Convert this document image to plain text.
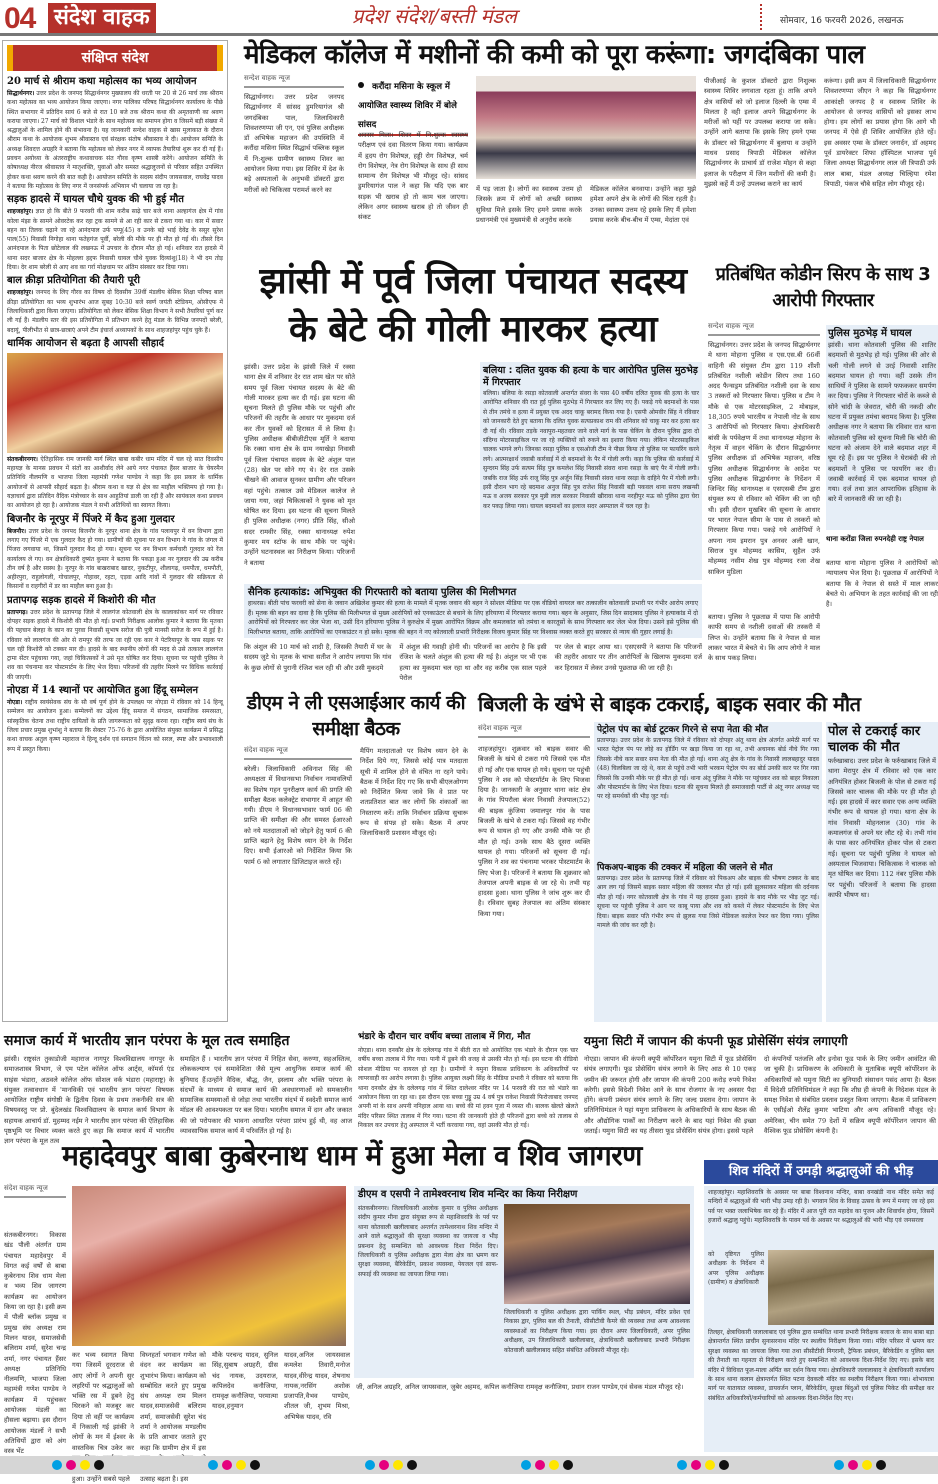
04 संदेश वाहक	प्रदेश संदेश/बस्ती मंडल	सोमवार, 16 फरवरी 2026, लखनऊ
संक्षिप्त संदेश
20 मार्च से श्रीराम कथा महोत्सव का भव्य आयोजन
सिद्धार्थनगर। उत्तर प्रदेश के जनपद सिद्धार्थनगर मुख्यालय की धरती पर 20 से 26 मार्च तक श्रीराम कथा महोत्सव का भव्य आयोजन किया जाएगा। नगर पालिका परिषद सिद्धार्थनगर कार्यालय के पीछे स्थित सभागार में प्रतिदिन सायं 6 बजे से रात 10 बजे तक श्रीराम कथा की अमृतवाणी का श्रवण कराया जाएगा। 27 मार्च को विशाल भंडारे के साथ महोत्सव का समापन होगा व जिसमें बड़ी संख्या में श्रद्धालुओं के शामिल होने की संभावना है। यह जानकारी सन्देश वाहक से खास मुलाकात के दौरान श्रीराम कथा के आयोजक शुभम श्रीवास्तव एवं संरक्षक संतोष श्रीवास्तव ने दी। आयोजन समिति के अध्यक्ष शिवदत्त अग्रहरि ने बताया कि महोत्सव को लेकर नगर में व्यापक तैयारियां शुरू कर दी गई हैं। प्रवचन अयोध्या के अंतरराष्ट्रीय कथावाचक संत गौरव कृष्ण शास्त्री करेंगे। आयोजन समिति के कोषाध्यक्ष नीरज श्रीवास्तव ने मातृशक्ति, युवाओं और समस्त श्रद्धालुजनों से परिवार सहित उपस्थित होकर कथा श्रवण करने की बात कही है। आयोजन समिति के सदस्य संदीप जायसवाल, राघवेंद्र यादव ने बताया कि महोत्सव के लिए नगर में जनसंपर्क अभियान भी चलाया जा रहा है।
सड़क हादसे में घायल चौथे युवक की भी हुई मौत
शाहजहांपुर। ज्ञात हो कि बीते 9 फरवरी की शाम करीब साढ़े चार बजे थाना अल्हागंज क्षेत्र में गांव कोला मंझा के सामने ओवरटेक कर रहा ट्रक सामने से आ रही कार से टकरा गया था। कार में सवार बहन का तिलक चढ़ाने जा रहे आनंदपाल उर्फ पप्पू(45) व उनके बड़े भाई देवेंद्र के ससुर सुरेश पाल(55) निवासी निगोहा थाना फतेहगंज पूर्वी, बरेली की मौके पर ही मौत हो गई थी। तीसरे दिन आनंदपाल के पिता छोटेलाल की लखनऊ में उपचार के दौरान मौत हो गई। शनिवार रात हादसे में थाना सदर बाजार क्षेत्र के मोहल्ला हद्दफ निवासी घायल चौथे युवक दिव्यांशु(18) ने भी दम तोड़ दिया। देर शाम बरेली से आए शव का गर्रा मोक्षधाम पर अंतिम संस्कार कर दिया गया।
बाल क्रीड़ा प्रतियोगिता की तैयारी पूरी
शाहजहांपुर। जनपद के लिए गौरव का विषय दो दिवसीय 39वीं मंडलीय बेसिक शिक्षा परिषद बाल क्रीड़ा प्रतियोगिता का भव्य शुभारंभ आज सुबह 10:30 बजे स्वर्ण जयंती स्टेडियम, ओसीएफ में जिलाधिकारी द्वारा किया जाएगा। प्रतियोगिता को लेकर बेसिक शिक्षा विभाग ने सभी तैयारियां पूर्ण कर ली गई हैं। मंडलीय स्तर की इस प्रतियोगिता में प्रतिभाग करने हेतु मंडल के विभिन्न जनपदों बरेली, बदायूं, पीलीभीत से छात्र-छात्राएं अपने टीम इंचार्ज अध्यापकों के साथ शाहजहांपुर पहुंच चुके हैं।
धार्मिक आयोजन से बढ़ता है आपसी सौहार्द
संतकबीरनगर। ऐतिहासिक राम जानकी मार्ग स्थित बाबा कबीर धाम मंदिर में चल रहे सात दिवसीय महायज्ञ के मानस प्रवचन में संतों का आशीर्वाद लेने आये नगर पंचायत हैंसर बाजार के चेयरमैन प्रतिनिधि नीलमणि व भाजपा जिला महामंत्री गणेश पाण्डेय ने कहा कि इस प्रकार के धार्मिक आयोजनों से आपसी सौहार्द बढ़ता है। श्रीराम कथा व यज्ञ से क्षेत्र का माहौल भक्तिमय हो गया है। यज्ञाचार्य द्वारा प्रतिदिन वैदिक मंत्रोच्चार के साथ आहुतियां डाली जा रही हैं और सायंकाल कथा प्रवचन का आयोजन हो रहा है। आयोजक मंडल ने सभी अतिथियों का स्वागत किया।
बिजनौर के नूरपुर में पिंजरे में कैद हुआ गुलदार
बिजनौर। उत्तर प्रदेश के जनपद बिजनौर के नूरपुर थाना क्षेत्र के गांव पलायपुर में वन विभाग द्वारा लगाए गए पिंजरे में एक गुलदार कैद हो गया। ग्रामीणों की सूचना पर वन विभाग ने गांव के जंगल में पिंजरा लगवाया था, जिसमें गुलदार कैद हो गया। सूचना पर वन विभाग कर्मचारी गुलदार को रेंज कार्यालय ले गए। वन क्षेत्राधिकारी दुष्यंत कुमार ने बताया कि पकड़ा हुआ नर गुलदार की उम्र करीब तीन वर्ष है और स्वस्थ है। नूरपुर के गांव बाखराबाद खादर, नुकटीपुर, शीलागढ़, धमपौता, धमपौती, अहीरपुरा, राहुलोगली, गोचालपुर, गोहावर, रहटा, एड़वा आदि गांवों में गुलदार की सक्रियता से किसानों व राहगीरों में डर का माहौल बना हुआ है।
प्रतापगढ़ सड़क हादसे में किशोरी की मौत
प्रतापगढ़। उत्तर प्रदेश के प्रतापगढ़ जिले में लालगंज कोतवाली क्षेत्र के कालाकांकर मार्ग पर रविवार दोपहर सड़क हादसे में किशोरी की मौत हो गई। प्रभारी निरीक्षक आलोक कुमार ने बताया कि मृतका की पहचान बेलहा के कान का पुरवा निवासी सुभाष सरोज की पुत्री मानसी सरोज के रूप में हुई है। रविवार को लालगंज की ओर से रामपुर की तरफ जा रही एक कार ने पेटरियापुर के पास सड़क पर चल रही किशोरी को टक्कर मार दी। हादसे के बाद स्थानीय लोगों की मदद से उसे तत्काल लालगंज ट्रामा सेंटर पहुंचाया गया, जहां चिकित्सकों ने उसे मृत घोषित कर दिया। सूचना पर पहुंची पुलिस ने शव का पंचनामा कर पोस्टमार्टम के लिए भेज दिया। परिजनों की तहरीर मिलने पर विधिक कार्रवाई की जाएगी।
नोएडा में 14 स्थानों पर आयोजित हुआ हिंदू सम्मेलन
नोएडा। राष्ट्रीय स्वयंसेवक संघ के सौ वर्ष पूर्ण होने के उपलक्ष्य पर नोएडा में रविवार को 14 हिन्दू सम्मेलन का आयोजन हुआ। सम्मेलनों का उद्देश्य हिंदू समाज में संगठन, सामाजिक समरसता, सांस्कृतिक चेतना तथा राष्ट्रीय दायित्वों के प्रति जागरूकता को सुदृढ़ करना रहा। राष्ट्रीय स्वयं संघ के जिला प्रचार प्रमुख शुभांशु ने बताया कि सेक्टर 75-76 के द्वारा आयोजित संयुक्त कार्यक्रम में प्रसिद्ध कथा वाचक अतुल कृष्ण महाराज ने हिन्दू दर्शन एवं सनातन चिंतन को सरल, स्पष्ट और प्रभावशाली रूप में प्रस्तुत किया।
मेडिकल कॉलेज में मशीनों की कमी को पूरा करूंगा: जगदंबिका पाल
सन्देश वाहक न्यूज
सिद्धार्थनगर। उत्तर प्रदेश जनपद सिद्धार्थनगर में सांसद डुमरियागंज श्री जगदंबिका पाल, जिलाधिकारी शिवशरणप्पा जी एन, एवं पुलिस अधीक्षक डॉ अभिषेक महाजन की उपस्थिति में करौंदा मसिना स्थित सिद्धार्थ पब्लिक स्कूल में नि:शुल्क ग्रामीण स्वास्थ्य शिवर का आयोजन किया गया। इस शिविर में देश के बड़े अस्पतालों के अनुभवी डॉक्टरों द्वारा मरीजों को चिकित्सा परामर्श करने का
करौंदा मसिना के स्कूल में आयोजित स्वास्थ्य शिविर में बोले सांसद
अवसर मिला। शिवर में नि:शुल्क स्वास्थ्य परीक्षण एवं दवा वितरण किया गया। कार्यक्रम में हृदय रोग विशेषज्ञ, हड्डी रोग विशेषज्ञ, चर्म रोग विशेषज्ञ, नेत्र रोग विशेषज्ञ के साथ ही साथ सामान्य रोग विशेषज्ञ भी मौजूद रहे। सांसद डुमरियागंज पाल ने कहा कि यदि एक बार सड़क भी खराब हो तो काम चल जाएगा। लेकिन अगर स्वास्थ्य खराब हो तो जीवन ही संकट
में पड़ जाता है। लोगों का स्वास्थ्य उत्तम हो जिसके क्रम में लोगों को अच्छी स्वास्थ्य सुविधा मिले इसके लिए हमने प्रयास करके प्रधानमंत्री एवं मुख्यमंत्री से अनुरोध करके
मेडिकल कॉलेज बनवाया। उन्होंने कहा मुझे हमेशा अपने क्षेत्र के लोगों की चिंता रहती है। उनका स्वास्थ्य उत्तम रहे इसके लिए मैं हमेशा प्रयास करके बीच-बीच में एम्स, मेदांता एवं
पीजीआई के कुशल डॉक्टरो द्वारा निशुल्क स्वास्थ्य शिविर लगवाता रहता हूं। ताकि अपने क्षेत्र वासियों को जो इलाज दिल्ली के एम्स में मिलता है वही इलाज अपने सिद्धार्थनगर के मरीजों को यहीं पर उपलब्ध कराया जा सके। उन्होंने आगे बताया कि इसके लिए हमने एम्स के डॉक्टर को सिद्धार्थनगर में बुलाया व उन्होंने माधव प्रसाद त्रिपाठी मेडिकल कॉलेज सिद्धार्थनगर के प्राचार्य डॉ राजेश मोहन से कहा इलाज के परीक्षण में जिन मशीनों की कमी है। मुझसे कहें मैं उन्हें उपलब्ध कराने का कार्य
करूंगा। इसी क्रम में जिलाधिकारी सिद्धार्थनगर शिवशरणप्पा जीएन ने कहा कि सिद्धार्थनगर आकांक्षी जनपद है व स्वास्थ्य शिविर के आयोजन से जनपद वासियों को इसका लाभ होगा। हम लोगों का प्रयास होगा कि आगे भी जनपद में ऐसे ही शिविर आयोजित होते रहें। इस अवसर एम्स के डॉक्टर जनार्दन, डॉ अहमद पूर्व डायरेक्टर शिफा हॉस्पिटल भाजपा पूर्व जिला अध्यक्ष सिद्धार्थनगर लाल जी त्रिपाठी उर्फ लाल बाबा, मंडल अध्यक्ष चिल्हिया रमेश त्रिपाठी, पंकज चौबे सहित लोग मौजूद रहे।
झांसी में पूर्व जिला पंचायत सदस्य के बेटे की गोली मारकर हत्या
झांसी। उत्तर प्रदेश के झांसी जिले में रक्सा थाना क्षेत्र में शनिवार देर रात शाम खेत पर सोते समय पूर्व जिला पंचायत सदस्य के बेटे की गोली मारकर हत्या कर दी गई। इस घटना की सूचना मिलते ही पुलिस मौके पर पहुंची और परिजनों की तहरीर के आधार पर मुकदमा दर्ज कर तीन युवकों को हिरासत में ले लिया है। पुलिस अधीक्षक बीबीजीटीएस मूर्ति ने बताया कि रक्सा थाना क्षेत्र के ग्राम नयाखेड़ा निवासी पूर्व जिला पंचायत सदस्य के बेटे अंशुल पाल (28) खेत पर सोने गए थे। देर रात उसके चीखने की आवाज सुनकर ग्रामीण और परिजन वहां पहुंचे। तत्काल उसे मेडिकल कालेज ले जाया गया, जहां चिकित्सकों ने युवक को मृत घोषित कर दिया। इस घटना की सूचना मिलते ही पुलिस अधीक्षक (नगर) प्रीति सिंह, सीओ सदर रामवीर सिंह, रक्सा थानाध्यक्ष रुपेश कुमार मय स्टॉफ के साथ मौके पर पहुंचे। उन्होंने घटनास्थल का निरीक्षण किया। परिजनों ने बताया
बलिया : दलित युवक की हत्या के चार आरोपित पुलिस मुठभेड़ में गिरफ्तार
बलिया। बलिया के रसड़ा कोतवाली अन्तर्गत संवरा के पास 40 वर्षीय दलित युवक की हत्या के चार आरोपित शनिवार की रात हुई पुलिस मुठभेड़ में गिरफ्तार कर लिए गए हैं। पकड़े गये बदमाशों के पास से तीन तमंचे व हत्या में प्रयुक्त एक अदद चाकू बरामद किया गया है। एसपी ओमवीर सिंह ने रविवार को जानकारी देते हुए बताया कि दलित युवक सत्यप्रकाश राम की शनिवार को चाकू मार कर हत्या कर दी गई थी। रविवार तड़के नवापुरा-महतवार जाने वाले मार्ग के पास चेकिंग के दौरान पुलिस द्वारा दो संदिग्ध मोटरसाइकिल पर जा रहे व्यक्तियों को रुकने का इशारा किया गया। लेकिन मोटरसाइकिल चालक भागने लगे। जिनका रसड़ा पुलिस व एसओजी टीम ने पीछा किया तो पुलिस पर फायरिंग करने लगे। आत्मरक्षार्थ जवाबी कार्रवाई में दो बदमाशों के पैर में गोली लगी। कहा कि पुलिस की कार्रवाई में सुन्दरम सिंह उर्फ सत्यम सिंह पुत्र कमलेश सिंह निवासी संवरा थाना रसड़ा के बाएं पैर में गोली लगी। जबकि राज सिंह उर्फ राजू सिंह पुत्र अर्जुन सिंह निवासी संवरा थाना रसड़ा के दाहिने पैर में गोली लगी। इसी दौरान भाग रहे बदमाश अनुज सिंह पुत्र राजेश सिंह निवासी बड़ी पकवल थाना सराय लखन्सी मऊ व अजय सरकार पुत्र मुन्नी लाल सरकार निवासी खीरावा थाना नरहीपुर मऊ को पुलिस द्वारा घेरा कर पकड़ लिया गया। घायल बदमाशों का इलाज सदर अस्पताल में चल रहा है।
सैनिक हत्याकांड: अभियुक्त की गिरफ्तारी को बताया पुलिस की मिलीभगत
हाथरस। बीती पांच फरवरी को सेना के जवान अखिलेश कुमार की हत्या के मामले में मृतक जवान की बहन ने सोशल मीडिया पर एक वीडियो वायरल कर तत्कालीन कोतवाली प्रभारी पर गंभीर आरोप लगाए हैं। मृतक की बहन का दावा है कि पुलिस की मिलीभगत से मुख्य आरोपियों को एनकाउंटर से बचाने के लिए हरियाणा में गिरफ्तार कराया गया। बहन के अनुसार, जिस दिन सादाबाद पुलिस ने हत्याकांड में दो आरोपियों को गिरफ्तार कर जेल भेजा था, उसी दिन हरियाणा पुलिस ने कुरुक्षेत्र में मुख्य आरोपित विक्रम और कमलकांत को तमंचा व कारतूसों के साथ गिरफ्तार कर जेल भेज दिया। उसने इसे पुलिस की मिलीभगत बताया, ताकि आरोपियों का एनकाउंटर न हो सके। मृतक की बहन ने नए कोतवाली प्रभारी निरीक्षक विजय कुमार सिंह पर विश्वास व्यक्त करते हुए सरकार से न्याय की गुहार लगाई है।
कि अंशुल की 10 मार्च को शादी है, जिसकी तैयारी में घर के सदस्य जुटे थे। मृतक के चाचा सतीश ने आरोप लगाया कि गांव के कुछ लोगों से पुरानी रंजिश चल रही थी और उसी मुकदमे
में अंशुल की गवाही होनी थी। परिजनों का आरोप है कि इसी रंजिश के चलते अंशुल की हत्या की गई है। अंशुल पर भी एक हत्या का मुकदमा चल रहा था और वह करीब एक साल पहले पेरोल
पर जेल से बाहर आया था। एसएसपी ने बताया कि परिजनों की तहरीर आधार पर तीन आरोपितों के खिलाफ मुकदमा दर्ज कर हिरासत में लेकर उनसे पूछताछ की जा रही है।
प्रतिबंधित कोडीन सिरप के साथ 3 आरोपी गिरफ्तार
सन्देश वाहक न्यूज
सिद्धार्थनगर। उत्तर प्रदेश के जनपद सिद्धार्थनगर मे थाना मोहाना पुलिस व एस.एस.बी 66वीं वाहिनी की संयुक्त टीम द्वारा 119 शीशी प्रतिबंधित नशीली कोडीन सिरप तथा 160 अदद फैन्सड्रम प्रतिबंधित नशीली दवा के साथ 3 तस्करों को गिरफ्तार किया। पुलिस व टीम ने मौके से एक मोटरसाइकिल, 2 मोबाइल, 18,305 रुपये भारतीय व नेपाली नोट के साथ 3 आरोपियों को गिरफ्तार किया। क्षेत्राधिकारी बांसी के पर्यवेक्षण में तथा थानाध्यक्ष मोहाना के नेतृत्व में वाहन चेकिंग के दौरान सिद्धार्थनगर पुलिस अधीक्षक डॉ अभिषेक महाजन, वरिष्ठ पुलिस अधीक्षक सिद्धार्थनगर के आदेश पर पुलिस अधीक्षक सिद्धार्थनगर के निर्देशन में जिन्दिर सिंह थानाध्यक्ष व एसएसबी टीम द्वारा संयुक्त रूप से रविवार को चेकिंग की जा रही थी। इसी दौरान मुखबिर की सूचना के आधार पर भारत नेपाल सीमा के पास से तस्करों को गिरफ्तार किया गया। पकड़े गये आरोपियों ने अपना नाम इमरान पुत्र अनवर अली खान, सिराज पुत्र मोहम्मद कासिम, सुहैल उर्फ मोहम्मद नसीम शेख पुत्र मोहम्मद रजा शेख साकिन मुडिला
बताया। पुलिस ने पूछताछ में पाया कि आरोपी काफी समय से नशीली दवाओं की तस्करी में लिप्त थे। उन्होंने बताया कि वे नेपाल से माल लाकर भारत में बेचते थे। कि आप लोगो ने माल के साथ पकड़ लिया।
पुलिस मुठभेड़ में घायल
झांसी। थाना कोतवाली पुलिस की शातिर बदमाशों से मुठभेड़ हो गई। पुलिस की ओर से चली गोली लगने से उरई निवासी शातिर बदमाश घायल हो गया। वहीं उसके तीन साथियों ने पुलिस के सामने फफककर समर्पण कर दिया। पुलिस ने गिरफ्तार चोरों के कब्जे से सोने चांदी के जेवरात, चोरी की नकदी और घटना में प्रयुक्त तमंचा बरामद किया है। पुलिस अधीक्षक नगर ने बताया कि रविवार रात थाना कोतवाली पुलिस को सूचना मिली कि चोरी की घटना को अंजाम देने वाले बदमाश शहर में घूम रहे हैं। इस पर पुलिस ने घेराबंदी की तो बदमाशों ने पुलिस पर फायरिंग कर दी। जवाबी कार्रवाई में एक बदमाश घायल हो गया। दर्ज तथा ज्ञात आपराधिक इतिहास के बारे में जानकारी की जा रही है।
थाना करोंडा जिला रुपनदेही राष्ट्र नेपाल
बताया थाना मोहाना पुलिस ने आरोपियों को न्यायालय भेज दिया है। पूछताछ में आरोपियों ने बताया कि वे नेपाल से सस्ते में माल लाकर बेचते थे। अभियान के तहत कार्रवाई की जा रही है।
डीएम ने ली एसआईआर कार्य की समीक्षा बैठक
संदेश वाहक न्यूज
बरेली। जिलाधिकारी अविनाश सिंह की अध्यक्षता में विधानसभा निर्वाचन नामावलियों का विशेष गहन पुनरीक्षण कार्य की प्रगति की समीक्षा बैठक कलेक्ट्रेट सभागार में आहूत की गयी। डीएम ने विधानसभावार फार्म 06 की प्राप्ति की समीक्षा की और समस्त ईआरओ को नये मतदाताओं को जोड़ने हेतु फार्म 6 की प्राप्ति बढ़ाने हेतु विशेष ध्यान देने के निर्देश दिए। सभी ईआरओ को निर्देशित किया कि फार्म 6 को लगातार डिजिटाइज करते रहें।
मैपिंग मतदाताओ पर विशेष ध्यान देने के निर्देश दिये गए, जिससे कोई पात्र मतदाता सूची में शामिल होने से वंचित ना रहने पाये। बैठक में निर्देश दिए गए कि सभी बीएलओगण को निर्देशित किया जावे कि वे प्रात पर शतप्रतिशत बात कर लोगों कि शंकाओं का निस्तारण करें। ताकि निर्वाचन प्रक्रिया सुचारू रूप से संपन्न हो सके। बैठक में अपर जिलाधिकारी प्रशासन मौजूद रहे।
बिजली के खंभे से बाइक टकराई, बाइक सवार की मौत
संदेश वाहक न्यूज
शाहजहांपुर। शुक्रवार को बाइक सवार की बिजली के खंभे से टकरा गये जिससे एक मौत हो गई और एक घायल हो गये। सूचना पर पहुंची पुलिस ने शव को पोस्टमॉर्टम के लिए भिजवा दिया है। जानकारी के अनुसार थाना कांट क्षेत्र के गांव पिपरौला बंजर निवासी तेजपाल(52) की बाइक कुंजिया जमालपुर गांव के पास बिजली के खंभे से टकरा गई। जिससे वह गंभीर रूप से घायल हो गए और उनकी मौके पर ही मौत हो गई। उनके साथ बैठे दूसरा व्यक्ति घायल हो गया। परिजनों को सूचना दी गई। पुलिस ने शव का पंचनामा भरकर पोस्टमार्टम के लिए भेजा है। परिजनों ने बताया कि शुक्रवार को तेजपाल अपनी बाइक से जा रहे थे। तभी यह हादसा हुआ। थाना पुलिस ने जांच शुरू कर दी है। रविवार सुबह तेजपाल का अंतिम संस्कार किया गया।
पेट्रोल पंप का बोर्ड टूटकर गिरने से सपा नेता की मौत
प्रतापगढ़। उत्तर प्रदेश के प्रतापगढ़ जिले में रविवार को दोपहर अंतू थाना क्षेत्र अंतर्गत अमेठी मार्ग पर भारत पेट्रोल पंप पर लोहे का होर्डिंग पर खड़ा किया जा रहा था, तभी अचानक बोर्ड नीचे गिर गया जिसके नीचे कार सवार सपा नेता की मौत हो गई। थाना अंतू क्षेत्र के गांव के निवासी लालबहादुर यादव (48) चिलबिला जा रहे थे, कार से पहुंचे तभी भारी भरकम पेट्रोल पंप का बोर्ड उनकी कार पर गिर गया जिससे कि उनकी मौके पर ही मौत हो गई। थाना अंतू पुलिस ने मौके पर पहुंचकर शव को बाहर निकाला और पोस्टमार्टम के लिए भेज दिया। घटना की सूचना मिलते ही समाजवादी पार्टी से अंतू नगर अध्यक्ष पद पर रहे समर्थकों की भीड़ जुट गई।
पिकअप-बाइक की टक्कर में महिला की जलने से मौत
प्रतापगढ़। उत्तर प्रदेश के प्रतापगढ़ जिले में रविवार को पिकअप और बाइक की भीषण टक्कर के बाद आग लग गई जिसमें बाइक सवार महिला की जलकर मौत हो गई। इसी झुलसाकर महिला की दर्दनाक मौत हो गई। नगर कोतवाली क्षेत्र के गांव में यह हादसा हुआ। हादसे के बाद मौके पर भीड़ जुट गई। सूचना पर पहुंची पुलिस ने आग पर काबू पाया और शव को कब्जे में लेकर पोस्टमार्टम के लिए भेज दिया। बाइक सवार पति गंभीर रूप से झुलस गया जिसे मेडिकल कालेज रेफर कर दिया गया। पुलिस मामले की जांच कर रही है।
पोल से टकराई कार चालक की मौत
फर्रुखाबाद। उत्तर प्रदेश के फर्रुखाबाद जिले में थाना मेरापुर क्षेत्र में रविवार को एक कार अनियंत्रित होकर बिजली के पोल से टकरा गई जिससे कार चालक की मौके पर ही मौत हो गई। इस हादसे में कार सवार एक अन्य व्यक्ति गंभीर रूप से घायल हो गया। थाना क्षेत्र के गांव निवासी मोहनलाल (30) गांव के कमालगंज से अपने घर लौट रहे थे। तभी गांव के पास कार अनियंत्रित होकर पोल से टकरा गई। सूचना पर पहुंची पुलिस ने घायल को अस्पताल भिजवाया। चिकित्सक ने चालक को मृत घोषित कर दिया। 112 नंबर पुलिस मौके पर पहुंची। परिजनों ने बताया कि हादसा काफी भीषण था।
समाज कार्य में भारतीय ज्ञान परंपरा के मूल तत्व समाहित
झांसी। राष्ट्रसंत तुकाडोजी महाराज नागपुर विश्वविद्यालय नागपुर के समाजशास्त्र विभाग, जे एम पटेल कॉलेज ऑफ आर्ट्स, कॉमर्स एंड साइंस भंडारा, अठवले कॉलेज ऑफ सोशल वर्क भंडारा (महाराष्ट्र) के संयुक्त तत्वावधान में 'मानविकी एवं भारतीय ज्ञान परंपरा' विषयक आयोजित राष्ट्रीय संगोष्ठी के द्वितीय दिवस के प्रथम तकनीकी सत्र की विषयवस्तु पर प्रो. बुंदेलखंड विश्वविद्यालय के समाज कार्य विभाग के सहायक आचार्य डॉ. मुहम्मद नईम ने भारतीय ज्ञान परंपरा की ऐतिहासिक पृष्ठभूमि पर विचार व्यक्त करते हुए कहा कि समाज कार्य में भारतीय ज्ञान परंपरा के मूल तत्व
समाहित हैं । भारतीय ज्ञान परंपरा में निहित सेवा, करुणा, सहअस्तित्व, लोककल्याण एवं समावेशिता जैसे मूल्य आधुनिक समाज कार्य की बुनियाद हैं।उन्होंने वैदिक, बौद्ध, जैन, इस्लाम और भक्ति परंपरा के संदर्भों के माध्यम से समाज कार्य की अवधारणाओं को समकालीन सामाजिक समस्याओं से जोड़ा तथा भारतीय संदर्भ में स्वदेशी समाज कार्य मॉडल की आवश्यकता पर बल दिया। भारतीय समाज में दान और जकात की जो परोपकार की भावना आधारित परंपरा प्रारंभ हुई थी, वह आज व्यावसायिक समाज कार्य में परिवर्तित हो गई है।
भंडारे के दौरान चार वर्षीय बच्चा तालाब में गिरा, मौत
नोएडा। थाना दनकौर क्षेत्र के दलेलगढ़ गांव में बीती रात को आयोजित एक भंडारे के दौरान एक चार वर्षीय बच्चा तालाब में गिर गया। पानी में डूबने की वजह से उसकी मौत हो गई। इस घटना की वीडियो सोशल मीडिया पर वायरल हो रहा है। ग्रामीणों ने यमुना विकास प्राधिकरण के अधिकारियों पर लापरवाही का आरोप लगाया है। पुलिस आयुक्त लक्ष्मी सिंह के मीडिया प्रभारी ने रविवार को बताया कि थाना दनकौर क्षेत्र के दलेलगढ़ गांव में स्थित दालेश्वर मंदिर पर 14 फरवरी की रात को भंडारे का आयोजन किया जा रहा था। इस दौरान एक बच्चा गुड्डू उम्र 4 वर्ष पुत्र राकेश निवासी फिरोजाबाद जनपद अपनी मां के साथ अपनी ननिहाल आया था। बच्चे की मां हवन पूजा में व्यस्त थी। बालक खेलते खेलते मंदिर परिसर स्थित तालाब में गिर गया। घटना की जानकारी होते ही परिजनों द्वारा बच्चे को तालाब से निकाल कर उपचार हेतु अस्पताल में भर्ती करवाया गया, वहां उसकी मौत हो गई।
यमुना सिटी में जापान की कंपनी फूड प्रोसेसिंग संयंत्र लगाएगी
नोएडा। जापान की कंपनी क्यूपी कॉर्पोरेशन यमुना सिटी में फूड प्रोसेसिंग संयंत्र लगाएगी। फूड प्रोसेसिंग संयंत्र लगाने के लिए आठ से 10 एकड़ जमीन की जरूरत होगी और जापान की कंपनी 200 करोड़ रुपये निवेश करेगी। इससे विदेशी निवेश आने के साथ रोजगार के नए अवसर पैदा होंगे। कंपनी प्रबंधन संयंत्र लगाने के लिए जल्द प्रस्ताव देगा। जापान के प्रतिनिधिमंडल ने यहां यमुना प्राधिकरण के अधिकारियों के साथ बैठक की और औद्योगिक पार्कों का निरीक्षण करने के बाद यहां निवेश की इच्छा जताई। यमुना सिटी का यह तीसरा फूड प्रोसेसिंग संयंत्र होगा। इससे पहले
दो कंपनियों पतंजलि और इनोवा फूड पार्क के लिए जमीन आवंटित की जा चुकी है। प्राधिकरण के अधिकारी के मुताबिक क्यूपी कॉर्पोरेशन के अधिकारियों को यमुना सिटी का बुनियादी संसाधन पसंद आया है। बैठक में विदेशी प्रतिनिधिमंडल ने कहा कि शीघ्र ही कंपनी के निदेशक मंडल के समक्ष निवेश से संबंधित प्रस्ताव प्रस्तुत किया जाएगा। बैठक में प्राधिकरण के एसीईओ शैलेंद्र कुमार भाटिया और अन्य अधिकारी मौजूद रहे। अमेरिका, चीन समेत 79 देशों में सक्रिय क्यूपी कॉर्पोरेशन जापान की वैश्विक फूड प्रोसेसिंग कंपनी है।
महादेवपुर बाबा कुबेरनाथ धाम में हुआ मेला व शिव जागरण
संदेश वाहक न्यूज
संतकबीरनगर। विकास खंड पौली अंतर्गत ग्राम पंचायत महादेवपुर में विगत कई वर्षों से बाबा कुबेरनाथ शिव धाम मेला व भव्य शिव जागरण कार्यक्रम का आयोजन किया जा रहा है। इसी क्रम में पौली ब्लॉक प्रमुख व प्रमुख संघ अध्यक्ष राम मिलन यादव, समाजसेवी बलिराम शर्मा, सुरेश चन्द्र शर्मा, नगर पंचायत हैंसर अध्यक्ष प्रतिनिधि नीलमणि, भाजपा जिला महामंत्री गणेश पाण्डेय ने कार्यक्रम में पहुंचकर आयोजक मंडली का हौसला बढ़ाया। इस दौरान आयोजक मंडलों ने सभी अतिथियों द्वारा को अंग वस्त्र भेंट
कर भव्य स्वागत किया गया जिसमें दूरदराज से आए लोगों ने अपनी सुर लहरियों पर श्रद्धालुओं को भक्ति रस में डूबने हेतु थिरकने को मजबूर कर दिया तो वहीं पर कार्यक्रम में निकाली गई झांकी ने लोगों के मन में ईश्वर के वास्तविक चित्र उकेर कर हुआ। उन्होंने सबसे पहले
विघ्नहर्ता भगवान गणेश को वंदन कर कार्यक्रम का शुभारंभ किया। कार्यक्रम को सम्बोधित करते हुए प्रमुख संघ अध्यक्ष राम मिलन यादव,समाजसेवी बलिराम शर्मा, समाजसेवी सुरेश चंद शर्मा ने आयोजक मण्डलीय के प्रति आभार जताते हुए कहा कि ग्रामीण क्षेत्र में इस उत्साह बढ़ता है। इस
मौके परचन्द यादव, सुनिल सिंह,सुबाष अग्रहरी, ग्रीस चंद नायक, उदयराज, कपिलदेव कनौजिया, रामवृक्ष कनौजिया, परमात्मा यादव,हनुमान
यादव,अनिल जायसवाल कमलेश तिवारी,मनोज यादव,वीरेन्द्र यादव, शेषनाथ नायक,नरसिंग अशोक प्रजापति,वैभव पाण्डेय, शीतल जी, शुभम मिश्रा, अभिषेक यादव, रवि
जी, अनिल अग्रहरि, अनिल जायसवाल, जुबेर अहमद, कपिल कनौजिया रामवृक्ष कनौजिया, प्रधान राजन पाण्डेय,एवं सेवक मंडल मौजूद रहे।
डीएम व एसपी ने तामेश्वरनाथ शिव मन्दिर का किया निरीक्षण
संतकबीरनगर। जिलाधिकारी आलोक कुमार व पुलिस अधीक्षक संदीप कुमार मीना द्वारा संयुक्त रूप से महाशिवरात्रि के पर्व पर थाना कोतवाली खलीलाबाद अन्तर्गत तामेश्वरनाथ शिव मन्दिर में आने वाले श्रद्धालुओं की सुरक्षा व्यवस्था का जायजा व भीड़ प्रबन्धन हेतु सम्बन्धित को आवश्यक दिशा निर्देश दिए। जिलाधिकारी व पुलिस अधीक्षक द्वारा मेला क्षेत्र का भ्रमण कर सुरक्षा व्यवस्था, बैरिकेडिंग, प्रकाश व्यवस्था, पेयजल एवं साफ-सफाई की व्यवस्था का जायजा लिया गया।
जिलाधिकारी व पुलिस अधीक्षक द्वारा पार्किंग स्थल, भीड़ प्रबंधन, मंदिर प्रवेश एवं निकास द्वार, पुलिस बल की तैनाती, सीसीटीवी कैमरे की व्यवस्था तथा अन्य आवश्यक व्यवस्थाओं का निरीक्षण किया गया। इस दौरान अपर जिलाधिकारी, अपर पुलिस अधीक्षक, उप जिलाधिकारी खलीलाबाद, क्षेत्राधिकारी खलीलाबाद प्रभारी निरीक्षक कोतवाली खलीलाबाद सहित संबंधित अधिकारी मौजूद रहे।
शिव मंदिरों में उमड़ी श्रद्धालुओं की भीड़
शाहजहांपुर। महाशिवरात्रि के अवसर पर बाबा विश्वनाथ मन्दिर, बाबा वनखंडी नाथ मंदिर समेत कई मन्दिरों में श्रद्धालुओं की भारी भीड़ उमड़ रही है। भगवान शिव के विवाह उत्सव के रूप में मनाए जा रहे इस पर्व पर भक्त जलाभिषेक कर रहे हैं। मंदिर में आज पूरी रात महादेव का पूजन और शिवार्चन होगा, जिसमें हजारों श्रद्धालु पहुंचे। महाशिवरात्रि के पावन पर्व के अवसर पर श्रद्धालुओं की भारी भीड़ एवं जनसरला
को दृष्टिगत पुलिस अधीक्षक के निर्देशन में अपर पुलिस अधीक्षक (ग्रामीण) व क्षेत्राधिकारी
तिलहर, क्षेत्राधिकारी जलालाबाद एवं पुलिस द्वारा सम्बंधित थाना प्रभारी निरीक्षक बजाज के साथ बाबा बड़ा क्षेत्रान्तर्गत स्थित प्राचीन सुनासरनाथ मंदिर पर स्थलीय निरीक्षण किया गया। मंदिर परिसर में भ्रमण कर सुरक्षा व्यवस्था का जायजा लिया गया तथा सीसीटीवी निगरानी, ट्रैफिक प्रबंधन, बैरिकेडिंग व पुलिस बल की तैनाती का गहनता से निरीक्षण करते हुए सम्बन्धित को आवश्यक दिशा-निर्देश दिए गए। इसके बाद मंदिर में विधिवत फूल-माला अर्पित कर दर्शन किया गया। क्षेत्राधिकारी जलालाबाद ने क्षेत्राधिकारी कार्यालय के साथ थाना कलान क्षेत्रान्तर्गत स्थित पटना देवकली मंदिर का स्थलीय निरीक्षण किया गया। शोभायात्रा मार्ग पर यातायात व्यवस्था, डायवर्जन प्लान, बैरिकेडिंग, सुरक्षा बिंदुओं एवं पुलिस पिकेट की समीक्षा कर संबंधित अधिकारियों/कर्मचारियों को आवश्यक दिशा-निर्देश दिए गए।
